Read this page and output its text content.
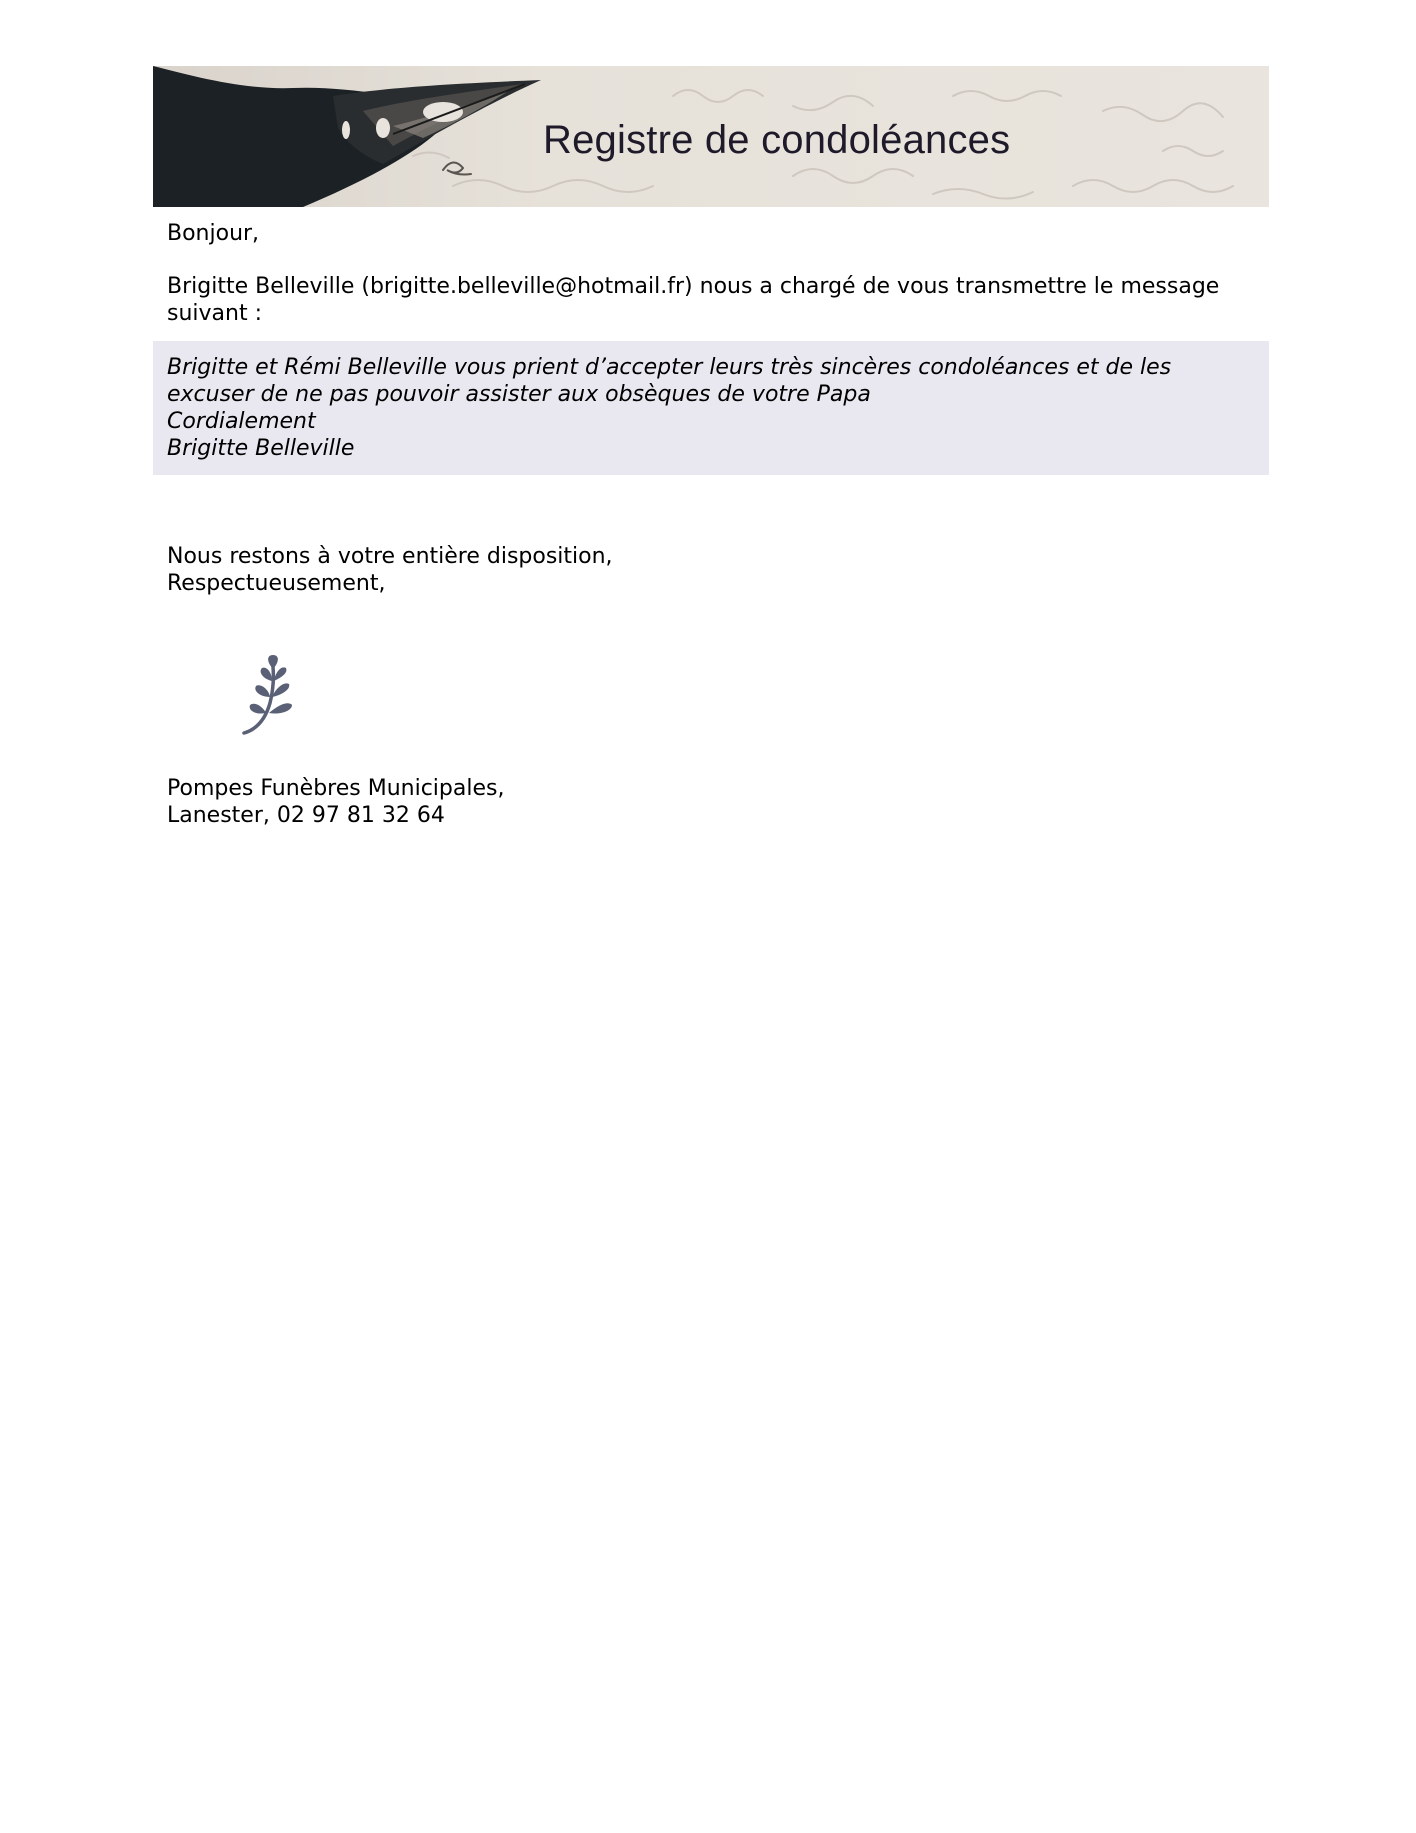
Registre de condoléances
Bonjour,
Brigitte Belleville (brigitte.belleville@hotmail.fr) nous a chargé de vous transmettre le message suivant :
Brigitte et Rémi Belleville vous prient d’accepter leurs très sincères condoléances et de les excuser de ne pas pouvoir assister aux obsèques de votre Papa
Cordialement
Brigitte Belleville
Nous restons à votre entière disposition,
Respectueusement,
Pompes Funèbres Municipales,
Lanester, 02 97 81 32 64
